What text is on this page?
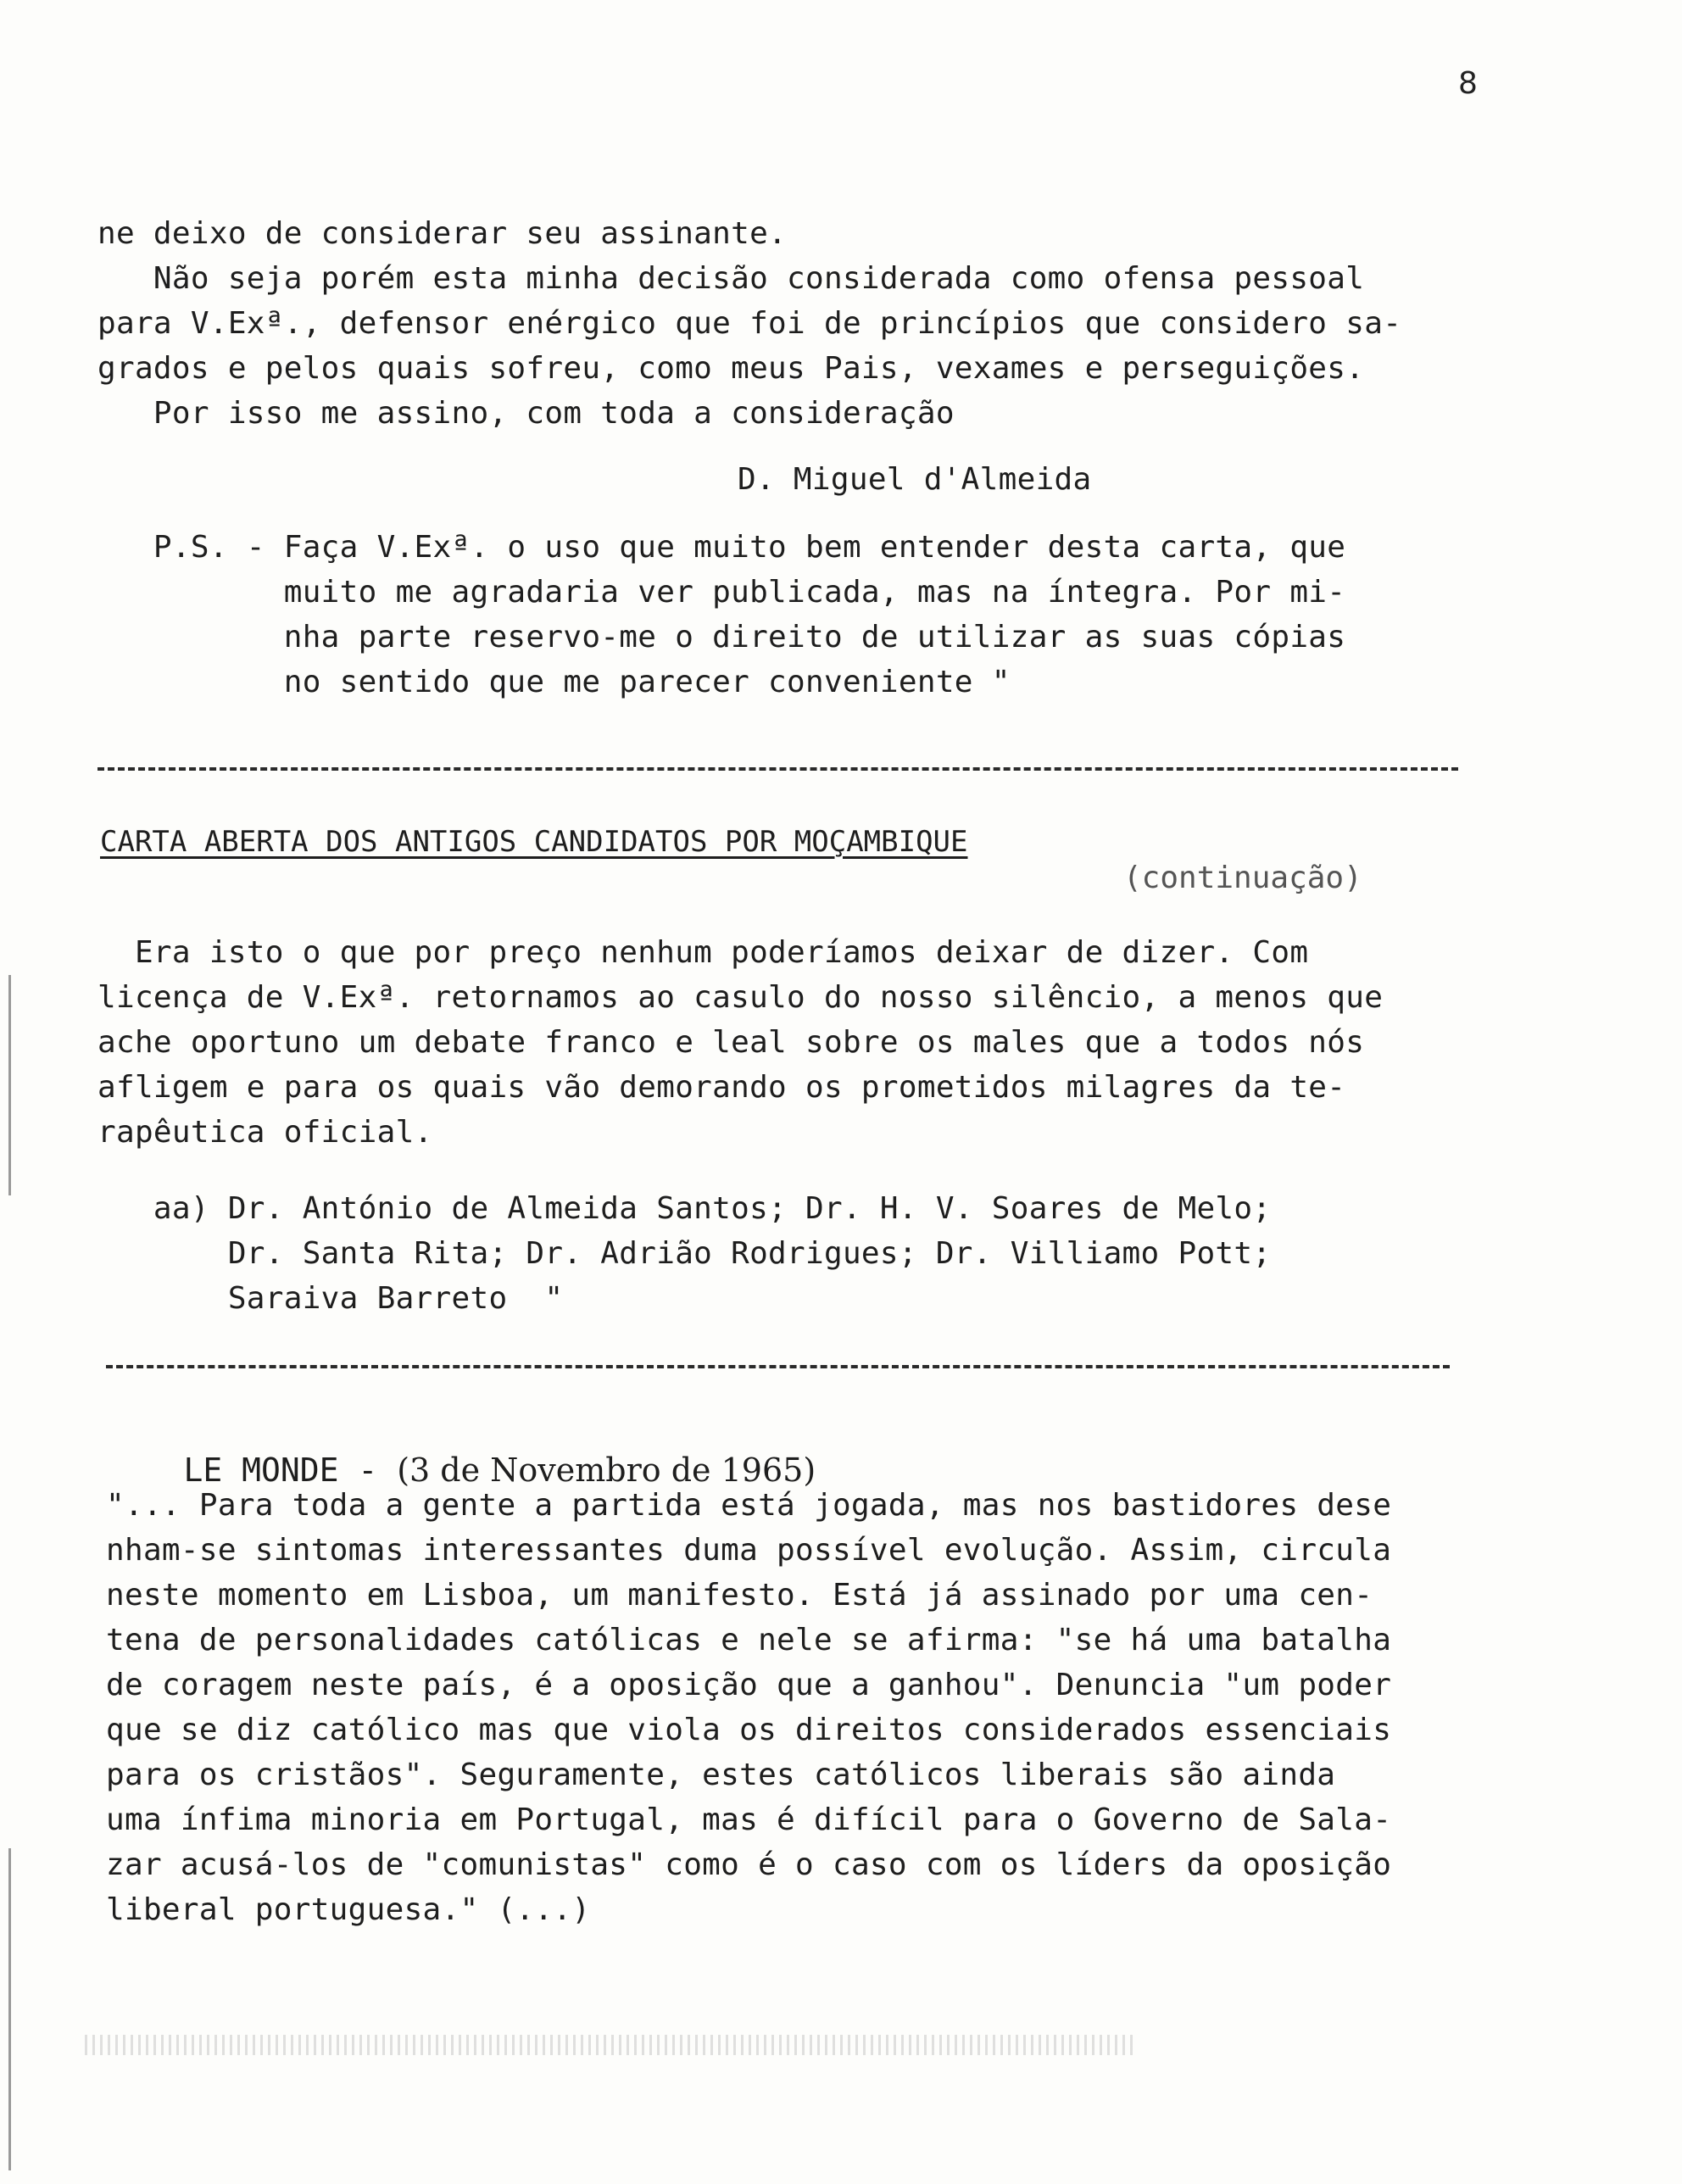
8
ne deixo de considerar seu assinante.
Não seja porém esta minha decisão considerada como ofensa pessoal
para V.Exª., defensor enérgico que foi de princípios que considero sa-
grados e pelos quais sofreu, como meus Pais, vexames e perseguições.
Por isso me assino, com toda a consideração
D. Miguel d'Almeida
P.S. - Faça V.Exª. o uso que muito bem entender desta carta, que
muito me agradaria ver publicada, mas na íntegra. Por mi-
nha parte reservo-me o direito de utilizar as suas cópias
no sentido que me parecer conveniente "
CARTA ABERTA DOS ANTIGOS CANDIDATOS POR MOÇAMBIQUE
(continuação)
Era isto o que por preço nenhum poderíamos deixar de dizer. Com
licença de V.Exª. retornamos ao casulo do nosso silêncio, a menos que
ache oportuno um debate franco e leal sobre os males que a todos nós
afligem e para os quais vão demorando os prometidos milagres da te-
rapêutica oficial.
aa) Dr. António de Almeida Santos; Dr. H. V. Soares de Melo;
Dr. Santa Rita; Dr. Adrião Rodrigues; Dr. Villiamo Pott;
Saraiva Barreto  "

LE MONDE - (3 de Novembro de 1965)

"... Para toda a gente a partida está jogada, mas nos bastidores dese
nham-se sintomas interessantes duma possível evolução. Assim, circula
neste momento em Lisboa, um manifesto. Está já assinado por uma cen-
tena de personalidades católicas e nele se afirma: "se há uma batalha
de coragem neste país, é a oposição que a ganhou". Denuncia "um poder
que se diz católico mas que viola os direitos considerados essenciais
para os cristãos". Seguramente, estes católicos liberais são ainda
uma ínfima minoria em Portugal, mas é difícil para o Governo de Sala-
zar acusá-los de "comunistas" como é o caso com os líders da oposição
liberal portuguesa." (...)
